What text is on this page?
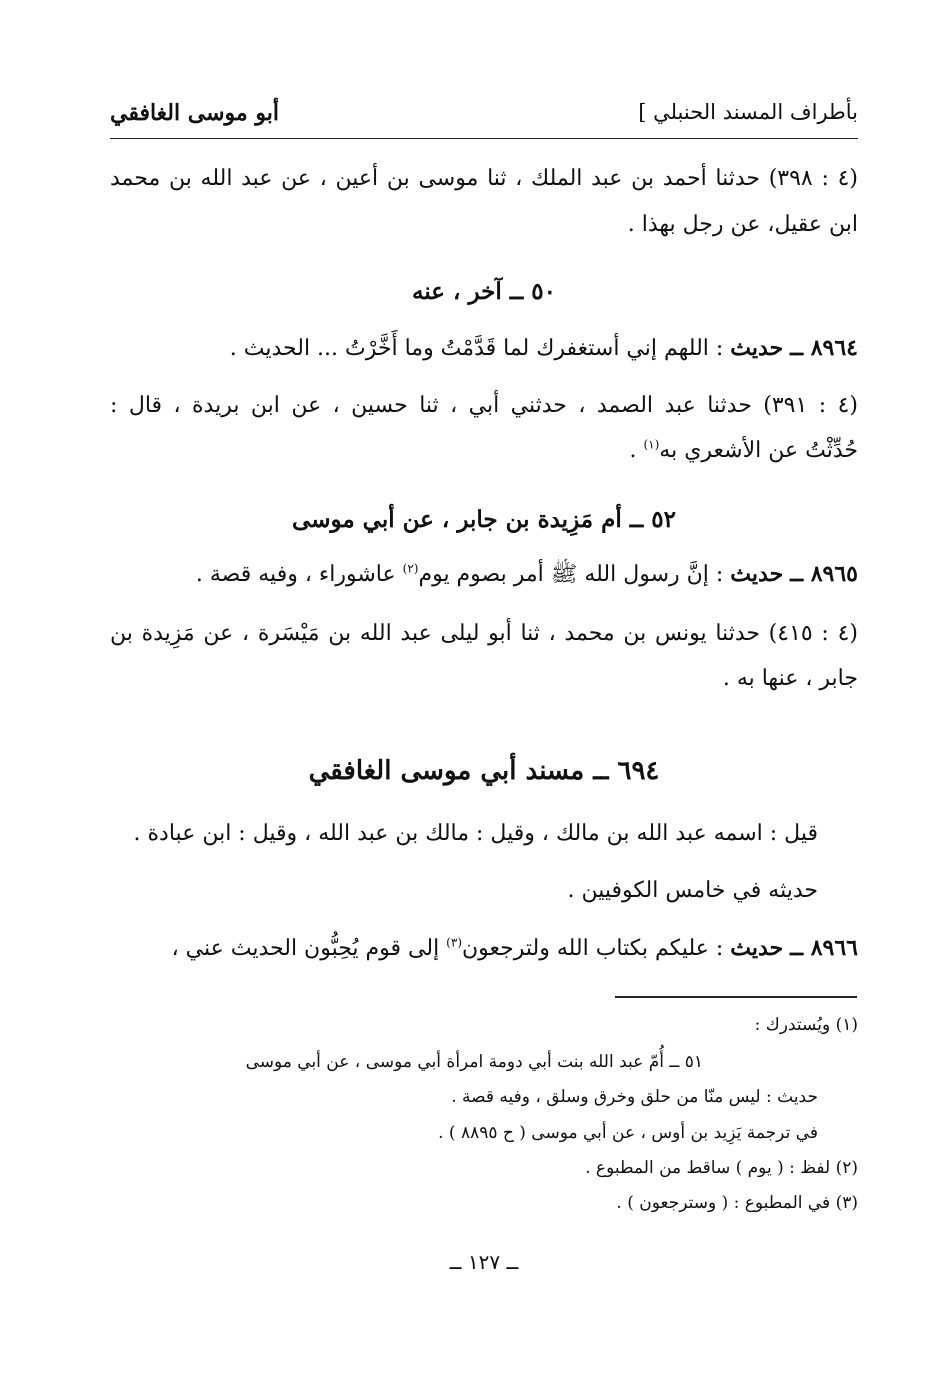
بأطراف المسند الحنبلي ]
أبو موسى الغافقي
(٤ : ٣٩٨) حدثنا أحمد بن عبد الملك ، ثنا موسى بن أعين ، عن عبد الله بن محمد
ابن عقيل، عن رجل بهذا .
٥٠ ــ آخر ، عنه
٨٩٦٤ ــ حديث : اللهم إني أستغفرك لما قَدَّمْتُ وما أَخَّرْتُ ... الحديث .
(٤ : ٣٩١) حدثنا عبد الصمد ، حدثني أبي ، ثنا حسين ، عن ابن بريدة ، قال :
حُدِّثْتُ عن الأشعري به$^{(١)}$ .
٥٢ ــ أم مَزِيدة بن جابر ، عن أبي موسى
٨٩٦٥ ــ حديث : إنَّ رسول الله ﷺ أمر بصوم يوم$^{(٢)}$ عاشوراء ، وفيه قصة .
(٤ : ٤١٥) حدثنا يونس بن محمد ، ثنا أبو ليلى عبد الله بن مَيْسَرة ، عن مَزِيدة بن
جابر ، عنها به .
٦٩٤ ــ مسند أبي موسى الغافقي
قيل : اسمه عبد الله بن مالك ، وقيل : مالك بن عبد الله ، وقيل : ابن عبادة .
حديثه في خامس الكوفيين .
٨٩٦٦ ــ حديث : عليكم بكتاب الله ولترجعون$^{(٣)}$ إلى قوم يُحِبُّون الحديث عني ،
(١) ويُستدرك :
٥١ ــ أُمّ عبد الله بنت أبي دومة امرأة أبي موسى ، عن أبي موسى
حديث : ليس منّا من حلق وخرق وسلق ، وفيه قصة .
في ترجمة يَزِيد بن أوس ، عن أبي موسى ( ح ٨٨٩٥ ) .
(٢) لفظ : ( يوم ) ساقط من المطبوع .
(٣) في المطبوع : ( وسترجعون ) .
ــ ١٢٧ ــ
